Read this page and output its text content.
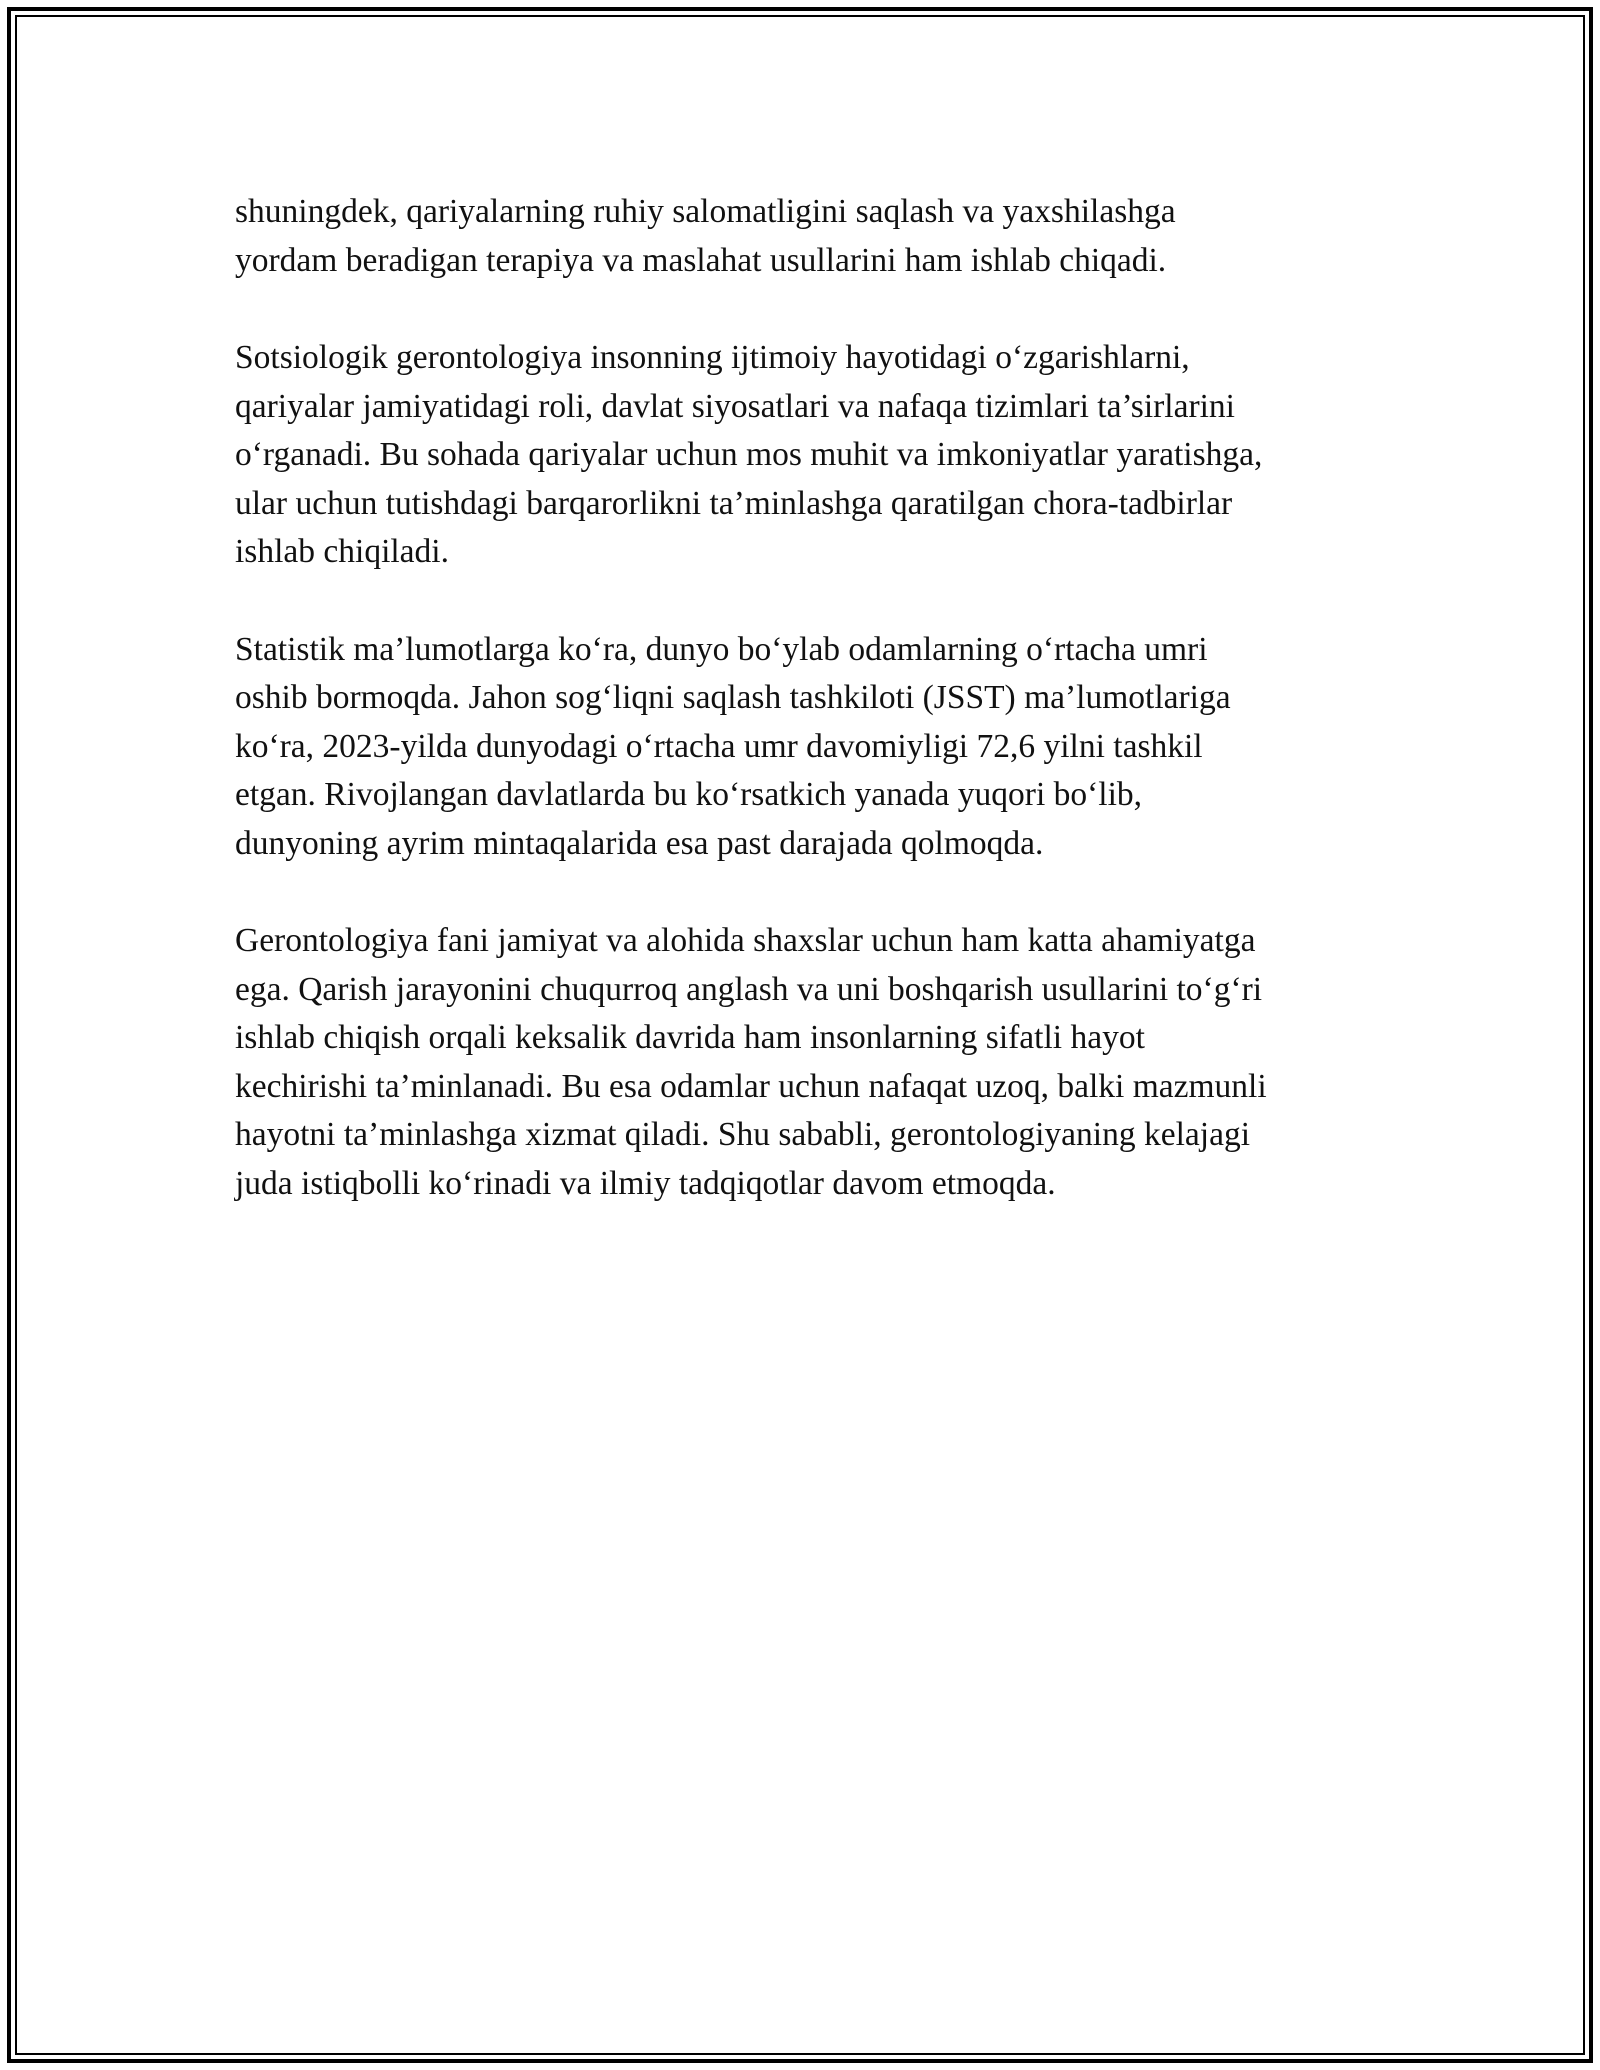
shuningdek, qariyalarning ruhiy salomatligini saqlash va yaxshilashga
yordam beradigan terapiya va maslahat usullarini ham ishlab chiqadi.

Sotsiologik gerontologiya insonning ijtimoiy hayotidagi o‘zgarishlarni,
qariyalar jamiyatidagi roli, davlat siyosatlari va nafaqa tizimlari ta’sirlarini
o‘rganadi. Bu sohada qariyalar uchun mos muhit va imkoniyatlar yaratishga,
ular uchun tutishdagi barqarorlikni ta’minlashga qaratilgan chora-tadbirlar
ishlab chiqiladi.

Statistik ma’lumotlarga ko‘ra, dunyo bo‘ylab odamlarning o‘rtacha umri
oshib bormoqda. Jahon sog‘liqni saqlash tashkiloti (JSST) ma’lumotlariga
ko‘ra, 2023-yilda dunyodagi o‘rtacha umr davomiyligi 72,6 yilni tashkil
etgan. Rivojlangan davlatlarda bu ko‘rsatkich yanada yuqori bo‘lib,
dunyoning ayrim mintaqalarida esa past darajada qolmoqda.

Gerontologiya fani jamiyat va alohida shaxslar uchun ham katta ahamiyatga
ega. Qarish jarayonini chuqurroq anglash va uni boshqarish usullarini to‘g‘ri
ishlab chiqish orqali keksalik davrida ham insonlarning sifatli hayot
kechirishi ta’minlanadi. Bu esa odamlar uchun nafaqat uzoq, balki mazmunli
hayotni ta’minlashga xizmat qiladi. Shu sababli, gerontologiyaning kelajagi
juda istiqbolli ko‘rinadi va ilmiy tadqiqotlar davom etmoqda.
